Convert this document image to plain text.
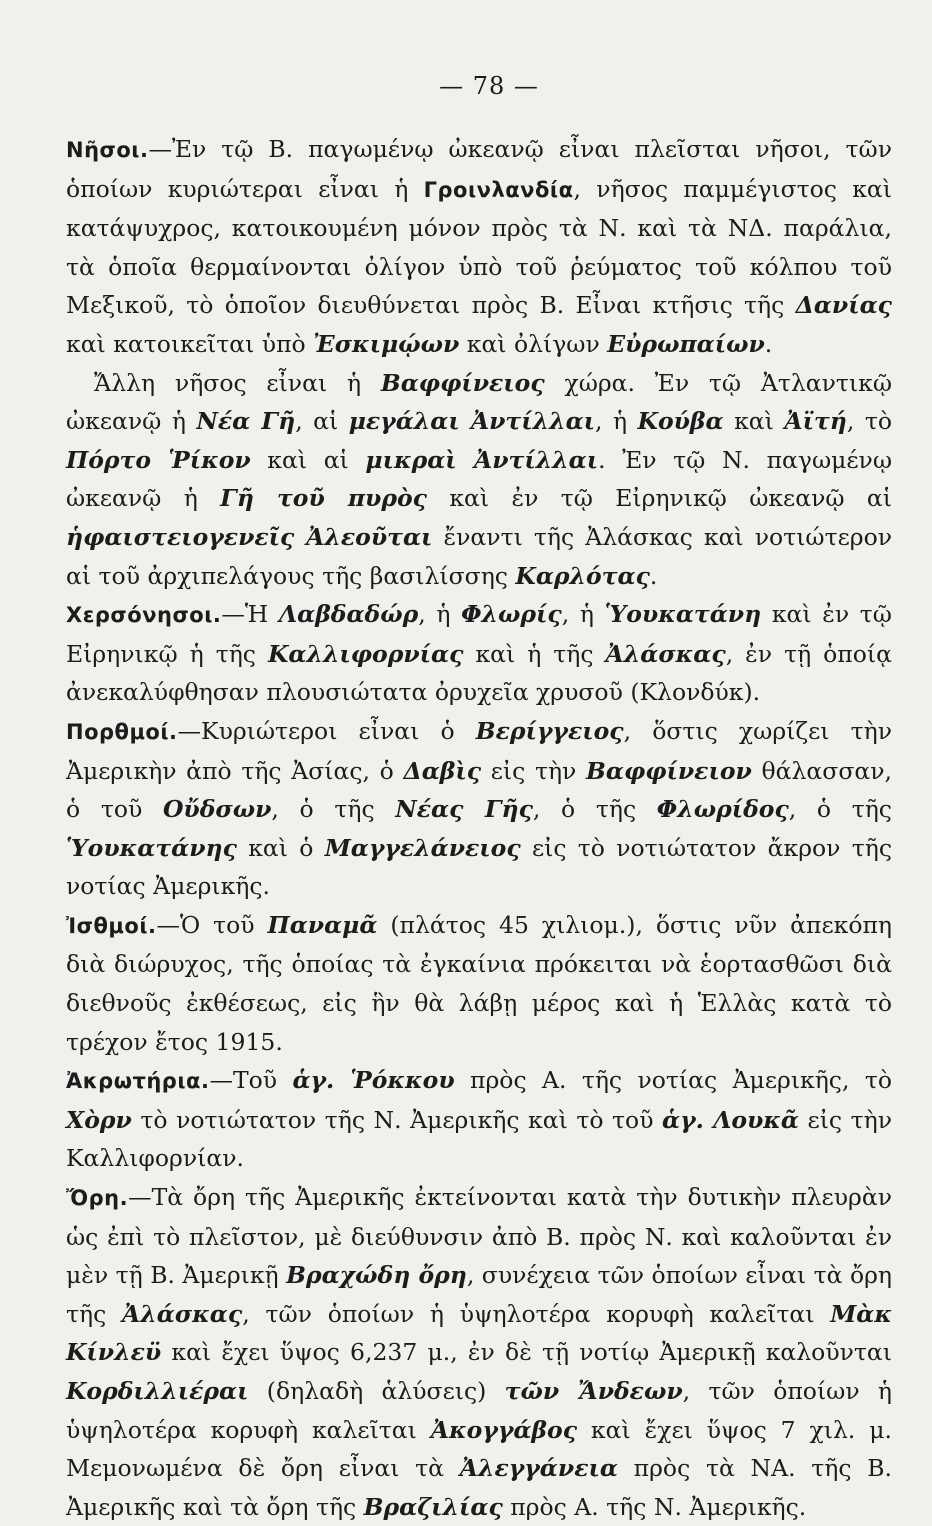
— 78 —

Νῆσοι.—Ἐν τῷ Β. παγωμένῳ ὠκεανῷ εἶναι πλεῖσται νῆσοι, τῶν ὁποίων κυριώτεραι εἶναι ἡ Γροινλανδία, νῆσος παμμέγιστος καὶ κατάψυχρος, κατοικουμένη μόνον πρὸς τὰ Ν. καὶ τὰ ΝΔ. παράλια, τὰ ὁποῖα θερμαίνονται ὀλίγον ὑπὸ τοῦ ῥεύματος τοῦ κόλπου τοῦ Μεξικοῦ, τὸ ὁποῖον διευθύνεται πρὸς Β. Εἶναι κτῆσις τῆς Δανίας καὶ κατοικεῖται ὑπὸ Ἐσκιμῴων καὶ ὀλίγων Εὐρωπαίων.

Ἄλλη νῆσος εἶναι ἡ Βαφφίνειος χώρα. Ἐν τῷ Ἀτλαντικῷ ὠκεανῷ ἡ Νέα Γῆ, αἱ μεγάλαι Ἀντίλλαι, ἡ Κούβα καὶ Ἀϊτή, τὸ Πόρτο Ῥίκον καὶ αἱ μικραὶ Ἀντίλλαι. Ἐν τῷ Ν. παγωμένῳ ὠκεανῷ ἡ Γῆ τοῦ πυρὸς καὶ ἐν τῷ Εἰρηνικῷ ὠκεανῷ αἱ ἡφαιστειογενεῖς Ἀλεοῦται ἔναντι τῆς Ἀλάσκας καὶ νοτιώτερον αἱ τοῦ ἀρχιπελάγους τῆς βασιλίσσης Καρλότας.

Χερσόνησοι.—Ἡ Λαβδαδώρ, ἡ Φλωρίς, ἡ Ὑουκατάνη καὶ ἐν τῷ Εἰρηνικῷ ἡ τῆς Καλλιφορνίας καὶ ἡ τῆς Ἀλάσκας, ἐν τῇ ὁποίᾳ ἀνεκαλύφθησαν πλουσιώτατα ὀρυχεῖα χρυσοῦ (Κλονδύκ).

Πορθμοί.—Κυριώτεροι εἶναι ὁ Βερίγγειος, ὅστις χωρίζει τὴν Ἀμερικὴν ἀπὸ τῆς Ἀσίας, ὁ Δαβὶς εἰς τὴν Βαφφίνειον θάλασσαν, ὁ τοῦ Οὔδσων, ὁ τῆς Νέας Γῆς, ὁ τῆς Φλωρίδος, ὁ τῆς Ὑουκατάνης καὶ ὁ Μαγγελάνειος εἰς τὸ νοτιώτατον ἄκρον τῆς νοτίας Ἀμερικῆς.

Ἰσθμοί.—Ὁ τοῦ Παναμᾶ (πλάτος 45 χιλιομ.), ὅστις νῦν ἀπεκόπη διὰ διώρυχος, τῆς ὁποίας τὰ ἐγκαίνια πρόκειται νὰ ἑορτασθῶσι διὰ διεθνοῦς ἐκθέσεως, εἰς ἣν θὰ λάβῃ μέρος καὶ ἡ Ἑλλὰς κατὰ τὸ τρέχον ἔτος 1915.

Ἀκρωτήρια.—Τοῦ ἁγ. Ῥόκκου πρὸς Α. τῆς νοτίας Ἀμερικῆς, τὸ Χὸρν τὸ νοτιώτατον τῆς Ν. Ἀμερικῆς καὶ τὸ τοῦ ἁγ. Λουκᾶ εἰς τὴν Καλλιφορνίαν.

Ὄρη.—Τὰ ὄρη τῆς Ἀμερικῆς ἐκτείνονται κατὰ τὴν δυτικὴν πλευρὰν ὡς ἐπὶ τὸ πλεῖστον, μὲ διεύθυνσιν ἀπὸ Β. πρὸς Ν. καὶ καλοῦνται ἐν μὲν τῇ Β. Ἀμερικῇ Βραχώδη ὄρη, συνέχεια τῶν ὁποίων εἶναι τὰ ὄρη τῆς Ἀλάσκας, τῶν ὁποίων ἡ ὑψηλοτέρα κορυφὴ καλεῖται Μὰκ Κίνλεϋ καὶ ἔχει ὕψος 6,237 μ., ἐν δὲ τῇ νοτίῳ Ἀμερικῇ καλοῦνται Κορδιλλιέραι (δηλαδὴ ἁλύσεις) τῶν Ἄνδεων, τῶν ὁποίων ἡ ὑψηλοτέρα κορυφὴ καλεῖται Ἀκογγάβος καὶ ἔχει ὕψος 7 χιλ. μ. Μεμονωμένα δὲ ὄρη εἶναι τὰ Ἀλεγγάνεια πρὸς τὰ ΝΑ. τῆς Β. Ἀμερικῆς καὶ τὰ ὄρη τῆς Βραζιλίας πρὸς Α. τῆς Ν. Ἀμερικῆς.
